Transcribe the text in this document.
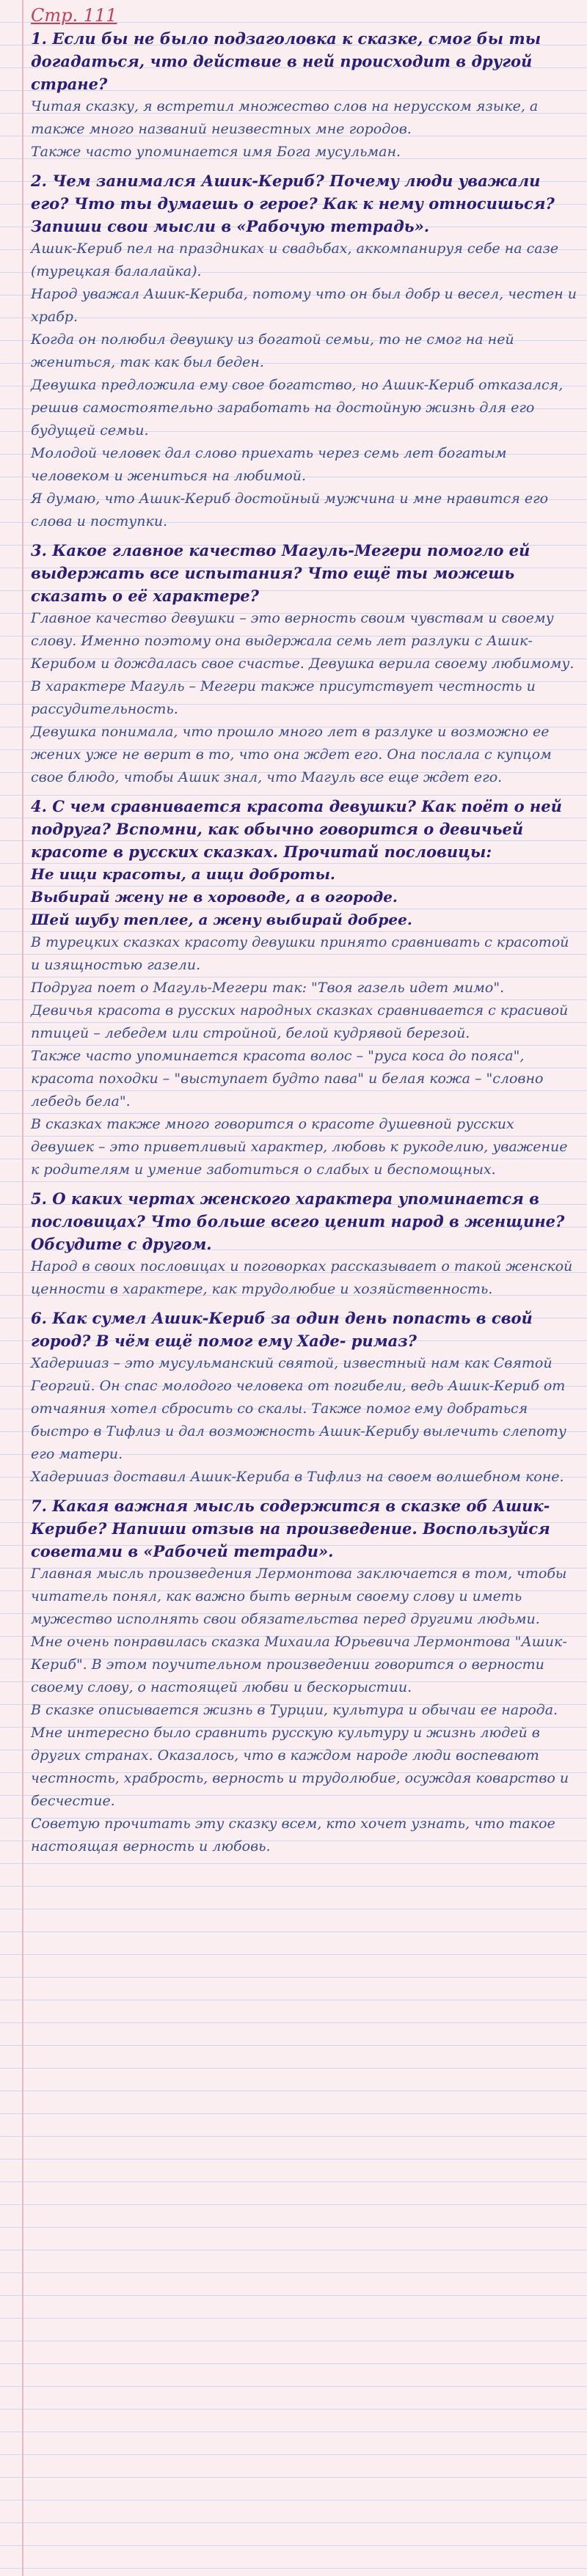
Стр. 111
1. Если бы не было подзаголовка к сказке, смог бы ты догадаться, что действие в ней происходит в другой стране?
Читая сказку, я встретил множество слов на нерусском языке, а также много названий неизвестных мне городов.
Также часто упоминается имя Бога мусульман.
2. Чем занимался Ашик-Кериб? Почему люди уважали его? Что ты думаешь о герое? Как к нему относишься? Запиши свои мысли в «Рабочую тетрадь».
Ашик-Кериб пел на праздниках и свадьбах, аккомпанируя себе на сазе (турецкая балалайка).
Народ уважал Ашик-Кериба, потому что он был добр и весел, честен и храбр.
Когда он полюбил девушку из богатой семьи, то не смог на ней жениться, так как был беден.
Девушка предложила ему свое богатство, но Ашик-Кериб отказался, решив самостоятельно заработать на достойную жизнь для его будущей семьи.
Молодой человек дал слово приехать через семь лет богатым человеком и жениться на любимой.
Я думаю, что Ашик-Кериб достойный мужчина и мне нравится его слова и поступки.
3. Какое главное качество Магуль-Мегери помогло ей выдержать все испытания? Что ещё ты можешь сказать о её характере?
Главное качество девушки – это верность своим чувствам и своему слову. Именно поэтому она выдержала семь лет разлуки с Ашик-Керибом и дождалась свое счастье. Девушка верила своему любимому.
В характере Магуль – Мегери также присутствует честность и рассудительность.
Девушка понимала, что прошло много лет в разлуке и возможно ее жених уже не верит в то, что она ждет его. Она послала с купцом свое блюдо, чтобы Ашик знал, что Магуль все еще ждет его.
4. С чем сравнивается красота девушки? Как поёт о ней подруга? Вспомни, как обычно говорится о девичьей красоте в русских сказках. Прочитай пословицы:
Не ищи красоты, а ищи доброты.
Выбирай жену не в хороводе, а в огороде.
Шей шубу теплее, а жену выбирай добрее.
В турецких сказках красоту девушки принято сравнивать с красотой и изящностью газели.
Подруга поет о Магуль-Мегери так: "Твоя газель идет мимо".
Девичья красота в русских народных сказках сравнивается с красивой птицей – лебедем или стройной, белой кудрявой березой.
Также часто упоминается красота волос – "руса коса до пояса", красота походки – "выступает будто пава" и белая кожа – "словно лебедь бела".
В сказках также много говорится о красоте душевной русских девушек – это приветливый характер, любовь к рукоделию, уважение к родителям и умение заботиться о слабых и беспомощных.
5. О каких чертах женского характера упоминается в пословицах? Что больше всего ценит народ в женщине? Обсудите с другом.
Народ в своих пословицах и поговорках рассказывает о такой женской ценности в характере, как трудолюбие и хозяйственность.
6. Как сумел Ашик-Кериб за один день попасть в свой город? В чём ещё помог ему Хаде- римаз?
Хадерииаз – это мусульманский святой, известный нам как Святой Георгий. Он спас молодого человека от погибели, ведь Ашик-Кериб от отчаяния хотел сбросить со скалы. Также помог ему добраться быстро в Тифлиз и дал возможность Ашик-Керибу вылечить слепоту его матери.
Хадерииаз доставил Ашик-Кериба в Тифлиз на своем волшебном коне.
7. Какая важная мысль содержится в сказке об Ашик-Керибе? Напиши отзыв на произведение. Воспользуйся советами в «Рабочей тетради».
Главная мысль произведения Лермонтова заключается в том, чтобы читатель понял, как важно быть верным своему слову и иметь мужество исполнять свои обязательства перед другими людьми.
Мне очень понравилась сказка Михаила Юрьевича Лермонтова "Ашик-Кериб". В этом поучительном произведении говорится о верности своему слову, о настоящей любви и бескорыстии.
В сказке описывается жизнь в Турции, культура и обычаи ее народа. Мне интересно было сравнить русскую культуру и жизнь людей в других странах. Оказалось, что в каждом народе люди воспевают честность, храбрость, верность и трудолюбие, осуждая коварство и бесчестие.
Советую прочитать эту сказку всем, кто хочет узнать, что такое настоящая верность и любовь.
